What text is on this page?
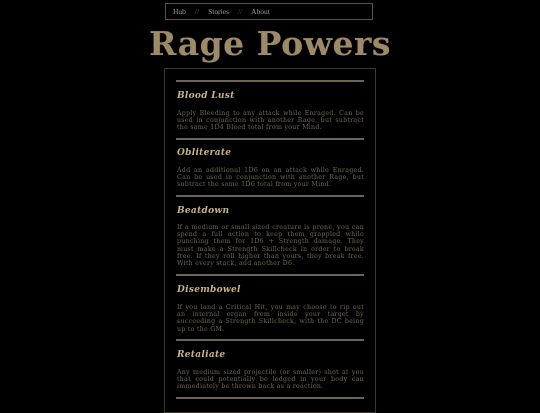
Hub // Stories // About
Rage Powers
Blood Lust

Apply Bleeding to any attack while Enraged. Can be used in conjunction with another Rage, but subtract the same 1D4 Bleed total from your Mind.

Obliterate

Add an additional 1D6 on an attack while Enraged. Can be used in conjunction with another Rage, but subtract the same 1D6 total from your Mind.

Beatdown

If a medium or small sized creature is prone, you can spend a full action to keep them grappled while punching them for 1D6 + Strength damage. They must make a Strength Skillcheck in order to break free. If they roll higher than yours, they break free. With every stack, add another D6.

Disembowel

If you land a Critical Hit, you may choose to rip out an internal organ from inside your target by succeeding a Strength Skillcheck, with the DC being up to the GM.

Retaliate

Any medium sized projectile (or smaller) shot at you that could potentially be lodged in your body can immediately be thrown back as a reaction.
